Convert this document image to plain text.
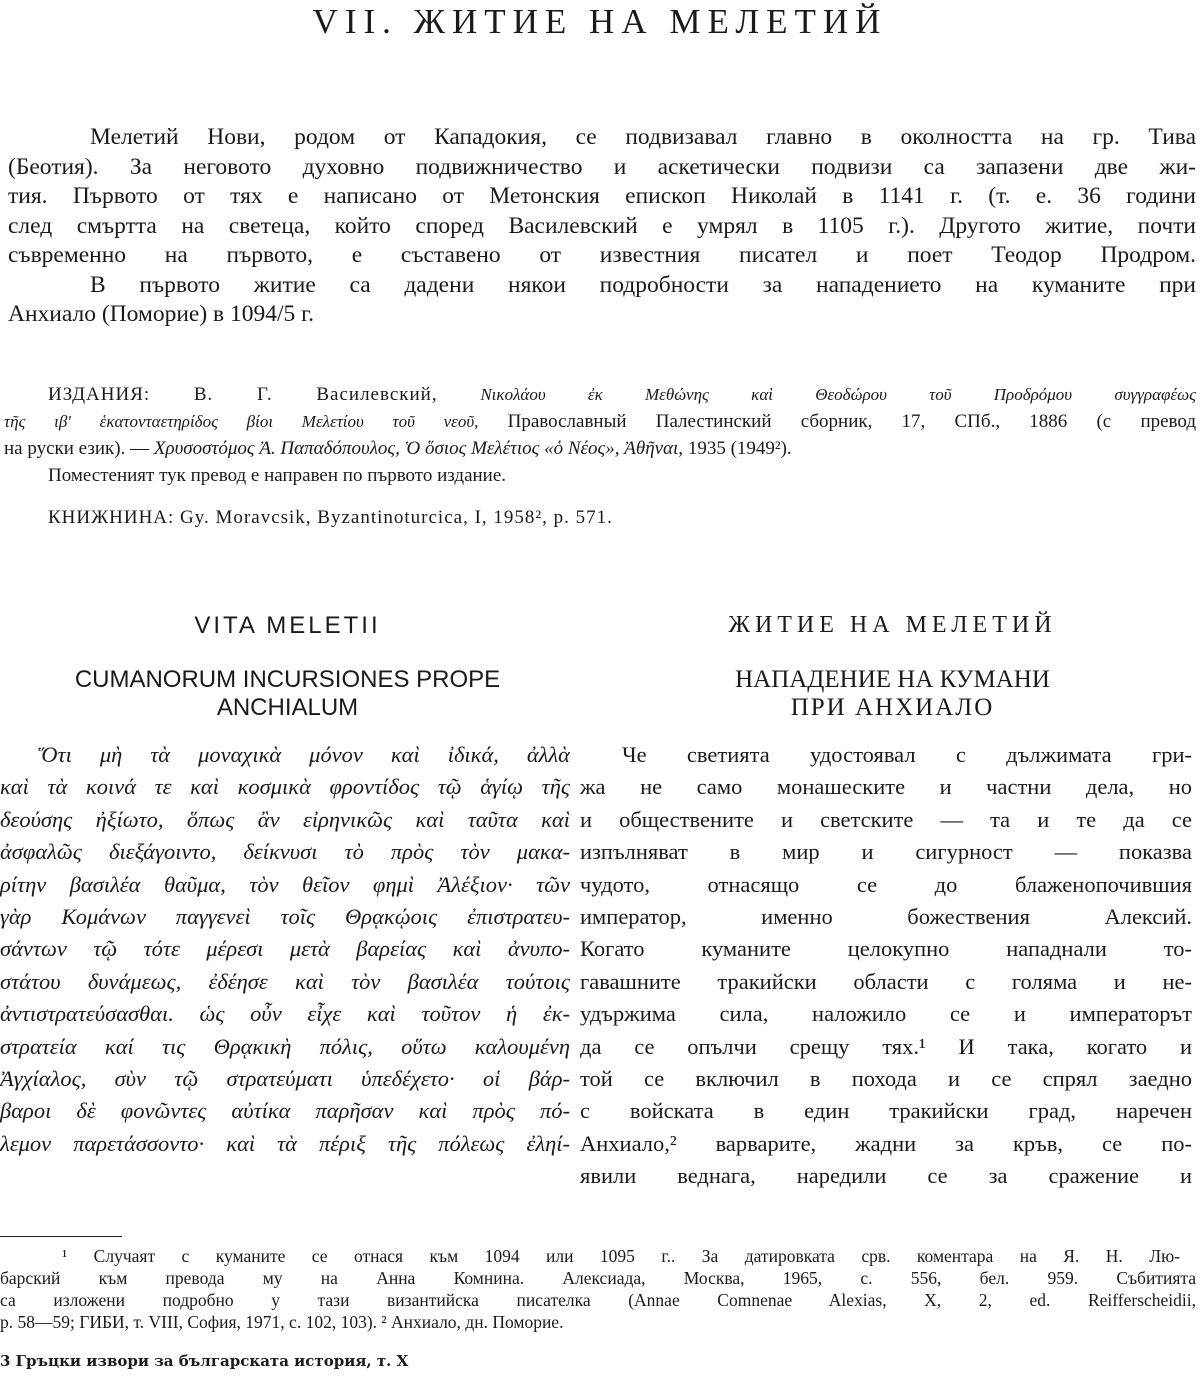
VII. ЖИТИЕ НА МЕЛЕТИЙ
Мелетий Нови, родом от Кападокия, се подвизавал главно в околността на гр. Тива
(Беотия). За неговото духовно подвижничество и аскетически подвизи са запазени две жи-
тия. Първото от тях е написано от Метонския епископ Николай в 1141 г. (т. е. 36 години
след смъртта на светеца, който според Василевский е умрял в 1105 г.). Другото житие, почти
съвременно на първото, е съставено от известния писател и поет Теодор Продром.
В първото житие са дадени някои подробности за нападението на куманите при
Анхиало (Поморие) в 1094/5 г.
ИЗДАНИЯ: В. Г. Василевский,	Νικολάου ἐκ Μεθώνης καὶ Θεοδώρου τοῦ Προδρόμου συγγραφέως
τῆς ιβ' ἑκατονταετηρίδος βίοι Μελετίου τοῦ νεοῦ, Православный Палестинский сборник, 17, СПб., 1886 (с превод
на руски език). — Χρυσοστόμος Ἀ. Παπαδόπουλος, Ὁ ὅσιος Μελέτιος «ὁ Νέος», Ἀθῆναι, 1935 (1949²).
Поместеният тук превод е направен по първото издание.
КНИЖНИНА: Gy. Moravcsik, Byzantinoturcica, I, 1958², p. 571.
VITA MELETII
CUMANORUM INCURSIONES PROPE
ANCHIALUM
ЖИТИЕ НА МЕЛЕТИЙ
НАПАДЕНИЕ НА КУМАНИ
ПРИ АНХИАЛО
Ὅτι μὴ τὰ μοναχικὰ μόνον καὶ ἰδικά, ἀλλὰ
καὶ τὰ κοινά τε καὶ κοσμικὰ φροντίδος τῷ ἁγίῳ τῆς
δεούσης ἠξίωτο, ὅπως ἂν εἰρηνικῶς καὶ ταῦτα καὶ
ἀσφαλῶς διεξάγοιντο, δείκνυσι τὸ πρὸς τὸν μακα-
ρίτην βασιλέα θαῦμα, τὸν θεῖον φημὶ Ἀλέξιον· τῶν
γὰρ Κομάνων παγγενεὶ τοῖς Θρᾳκῴοις ἐπιστρατευ-
σάντων τῷ τότε μέρεσι μετὰ βαρείας καὶ ἀνυπο-
στάτου δυνάμεως, ἐδέησε καὶ τὸν βασιλέα τούτοις
ἀντιστρατεύσασθαι. ὡς οὖν εἶχε καὶ τοῦτον ἡ ἐκ-
στρατεία καί τις Θρᾳκικὴ πόλις, οὕτω καλουμένη
Ἀγχίαλος, σὺν τῷ στρατεύματι ὑπεδέχετο· οἱ βάρ-
βαροι δὲ φονῶντες αὐτίκα παρῆσαν καὶ πρὸς πό-
λεμον παρετάσσοντο· καὶ τὰ πέριξ τῆς πόλεως ἐληί-
Че светията удостоявал с дължимата гри-
жа не само монашеските и частни дела, но
и обществените и светските — та и те да се
изпълняват в мир и сигурност — показва
чудото, отнасящо се до блаженопочившия
император, именно божествения Алексий.
Когато куманите целокупно нападнали то-
гавашните тракийски области с голяма и не-
удържима сила, наложило се и императорът
да се опълчи срещу тях.¹ И така, когато и
той се включил в похода и се спрял заедно
с войската в един тракийски град, наречен
Анхиало,² варварите, жадни за кръв, се по-
явили веднага, наредили се за сражение и
¹ Случаят с куманите се отнася към 1094 или 1095 г.. За датировката срв. коментара на Я. Н. Лю-
барский към превода му на Анна Комнина. Алексиада, Москва, 1965, с. 556, бел. 959. Събитията
са изложени подробно у тази византийска писателка (Annae Comnenae Alexias, X, 2, ed. Reifferscheidii,
p. 58—59; ГИБИ, т. VIII, София, 1971, с. 102, 103). ² Анхиало, дн. Поморие.
3 Гръцки извори за българската история, т. X
